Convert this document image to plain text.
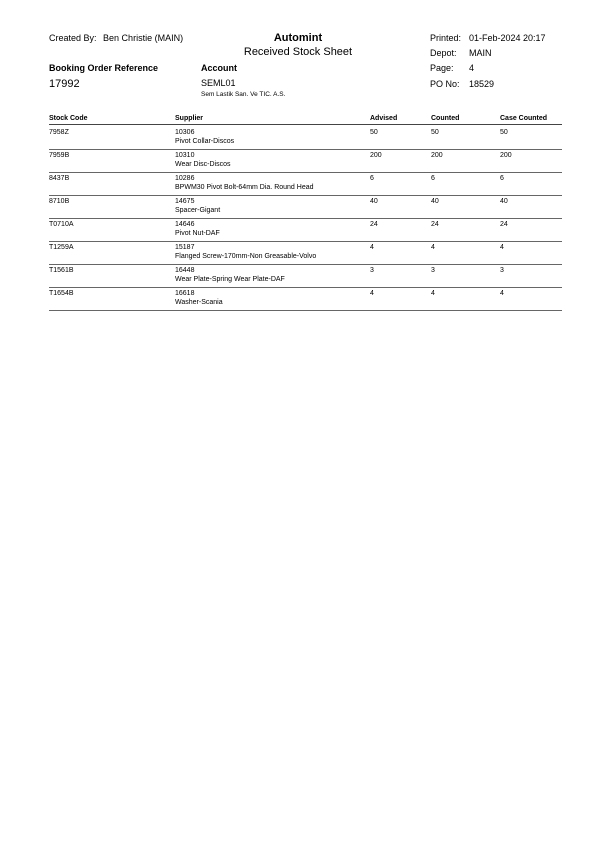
Created By: Ben Christie (MAIN)	Automint
Received Stock Sheet
Printed: 01-Feb-2024 20:17
Depot: MAIN
Page: 4
PO No: 18529
Booking Order Reference
17992
Account
SEML01
Sem Lastik San. Ve TIC. A.S.
Stock Code	Supplier	Advised	Counted	Case Counted
7958Z	10306	50	50	50
Pivot Collar-Discos
7959B	10310	200	200	200
Wear Disc-Discos
8437B	10286	6	6	6
BPWM30 Pivot Bolt-64mm Dia. Round Head
8710B	14675	40	40	40
Spacer-Gigant
T0710A	14646	24	24	24
Pivot Nut-DAF
T1259A	15187	4	4	4
Flanged Screw-170mm-Non Greasable-Volvo
T1561B	16448	3	3	3
Wear Plate-Spring Wear Plate-DAF
T1654B	16618	4	4	4
Washer-Scania
